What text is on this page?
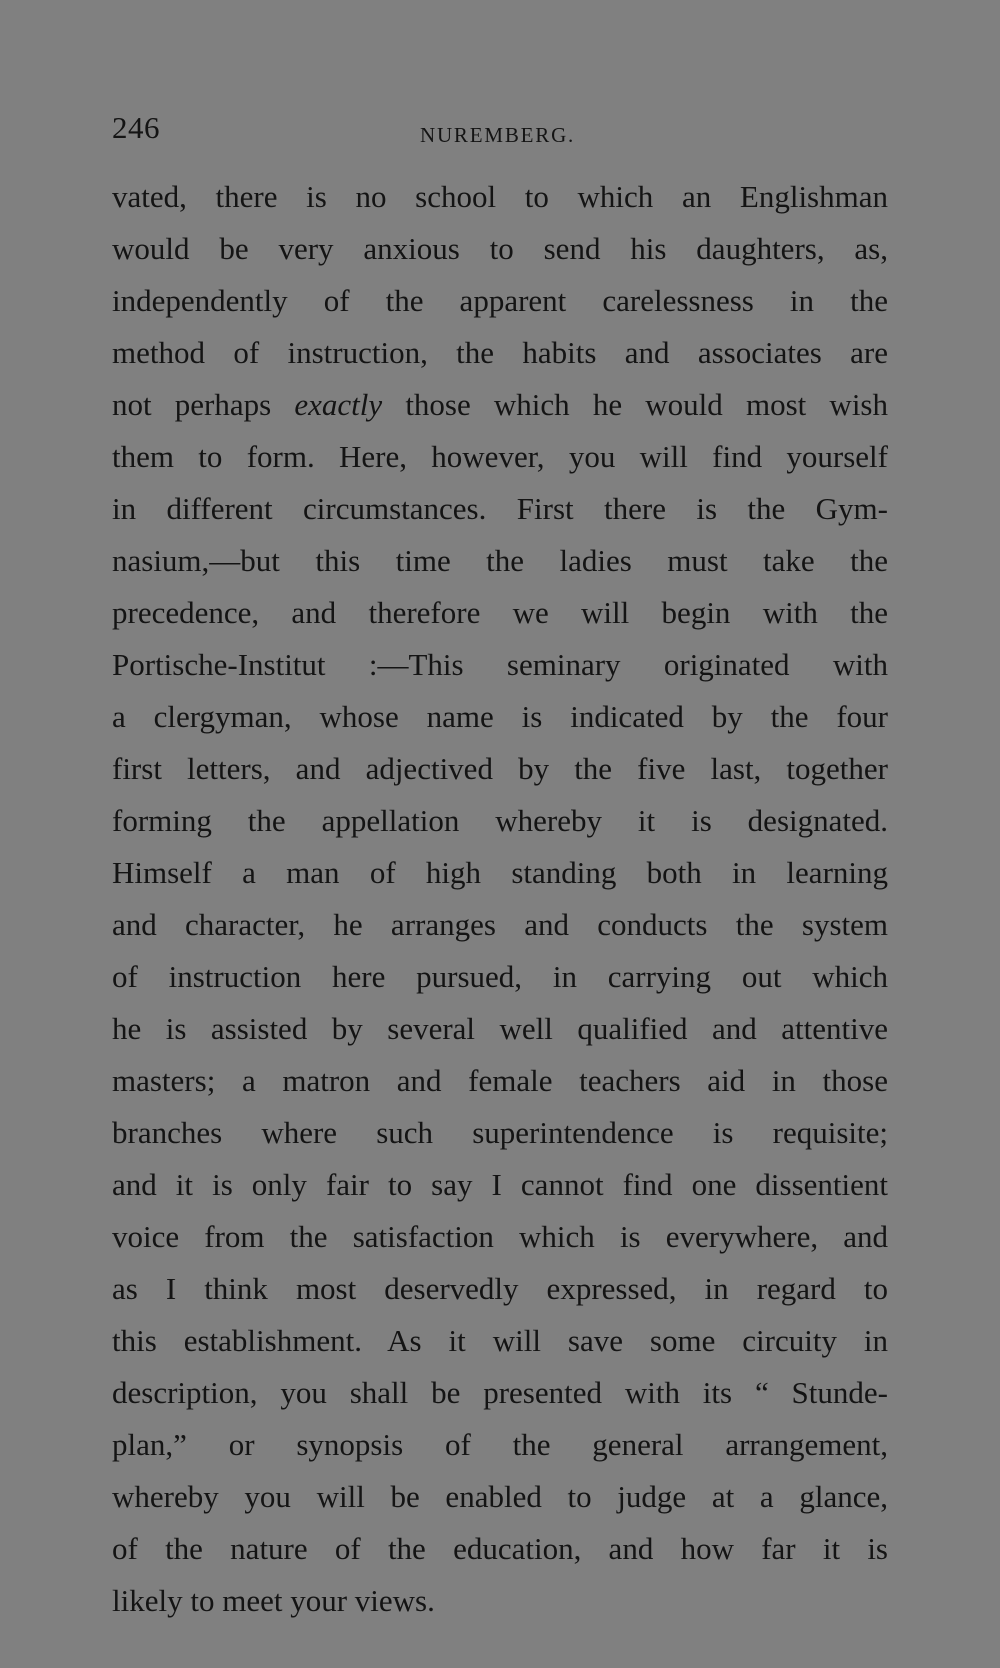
246	NUREMBERG.
vated, there is no school to which an Englishman
would be very anxious to send his daughters, as,
independently of the apparent carelessness in the
method of instruction, the habits and associates are
not perhaps exactly those which he would most wish
them to form. Here, however, you will find yourself
in different circumstances. First there is the Gym-
nasium,—but this time the ladies must take the
precedence, and therefore we will begin with the
Portische-Institut :—This seminary originated with
a clergyman, whose name is indicated by the four
first letters, and adjectived by the five last, together
forming the appellation whereby it is designated.
Himself a man of high standing both in learning
and character, he arranges and conducts the system
of instruction here pursued, in carrying out which
he is assisted by several well qualified and attentive
masters; a matron and female teachers aid in those
branches where such superintendence is requisite;
and it is only fair to say I cannot find one dissentient
voice from the satisfaction which is everywhere, and
as I think most deservedly expressed, in regard to
this establishment. As it will save some circuity in
description, you shall be presented with its “ Stunde-
plan,” or synopsis of the general arrangement,
whereby you will be enabled to judge at a glance,
of the nature of the education, and how far it is
likely to meet your views.
